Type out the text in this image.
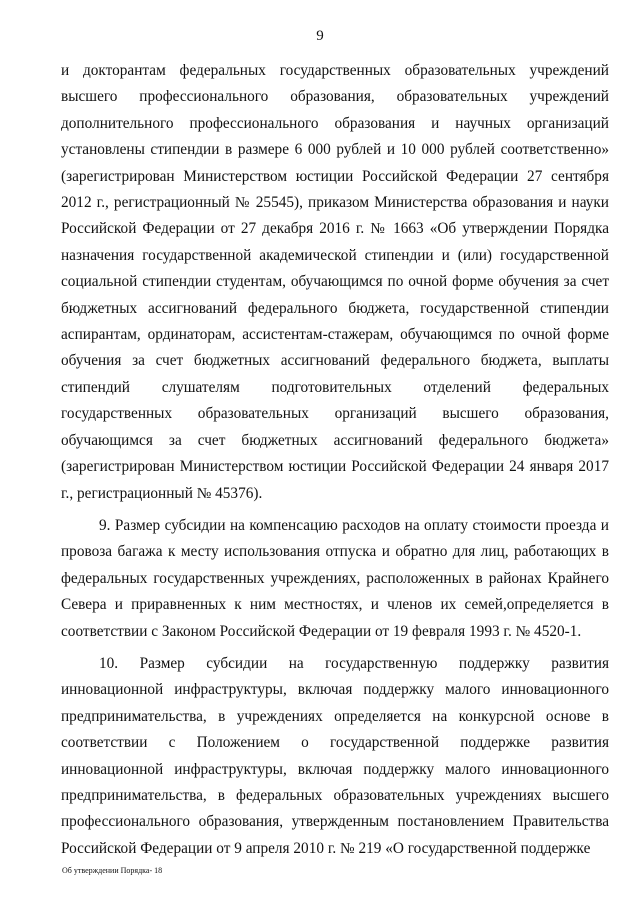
9

и докторантам федеральных государственных образовательных учреждений высшего профессионального образования, образовательных учреждений дополнительного профессионального образования и научных организаций установлены стипендии в размере 6 000 рублей и 10 000 рублей соответственно» (зарегистрирован Министерством юстиции Российской Федерации 27 сентября 2012 г., регистрационный № 25545), приказом Министерства образования и науки Российской Федерации от 27 декабря 2016 г. № 1663 «Об утверждении Порядка назначения государственной академической стипендии и (или) государственной социальной стипендии студентам, обучающимся по очной форме обучения за счет бюджетных ассигнований федерального бюджета, государственной стипендии аспирантам, ординаторам, ассистентам-стажерам, обучающимся по очной форме обучения за счет бюджетных ассигнований федерального бюджета, выплаты стипендий слушателям подготовительных отделений федеральных государственных образовательных организаций высшего образования, обучающимся за счет бюджетных ассигнований федерального бюджета» (зарегистрирован Министерством юстиции Российской Федерации 24 января 2017 г., регистрационный № 45376).

9. Размер субсидии на компенсацию расходов на оплату стоимости проезда и провоза багажа к месту использования отпуска и обратно для лиц, работающих в федеральных государственных учреждениях, расположенных в районах Крайнего Севера и приравненных к ним местностях, и членов их семей,определяется в соответствии с Законом Российской Федерации от 19 февраля 1993 г. № 4520-1.

10. Размер субсидии на государственную поддержку развития инновационной инфраструктуры, включая поддержку малого инновационного предпринимательства, в учреждениях определяется на конкурсной основе в соответствии с Положением о государственной поддержке развития инновационной инфраструктуры, включая поддержку малого инновационного предпринимательства, в федеральных образовательных учреждениях высшего профессионального образования, утвержденным постановлением Правительства Российской Федерации от 9 апреля 2010 г. № 219 «О государственной поддержке

Об утверждении Порядка- 18
